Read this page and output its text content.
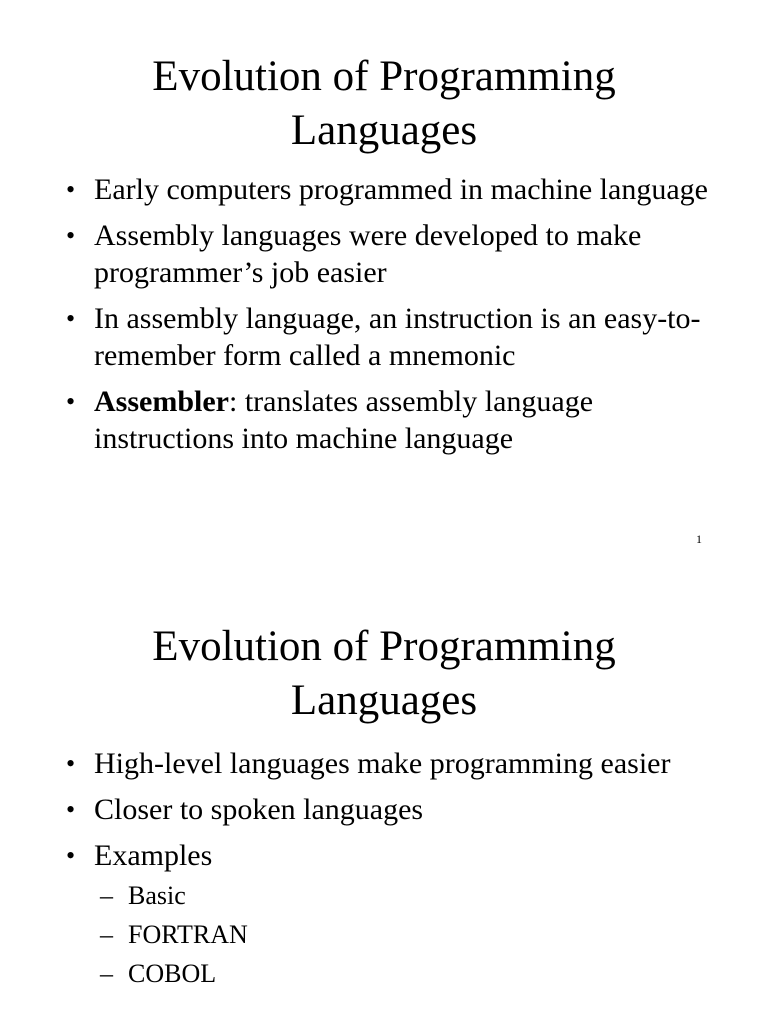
Evolution of Programming
Languages
• Early computers programmed in machine language
• Assembly languages were developed to make programmer’s job easier
• In assembly language, an instruction is an easy-to-remember form called a mnemonic
• Assembler: translates assembly language instructions into machine language
1
Evolution of Programming
Languages
• High-level languages make programming easier
• Closer to spoken languages
• Examples
– Basic
– FORTRAN
– COBOL
